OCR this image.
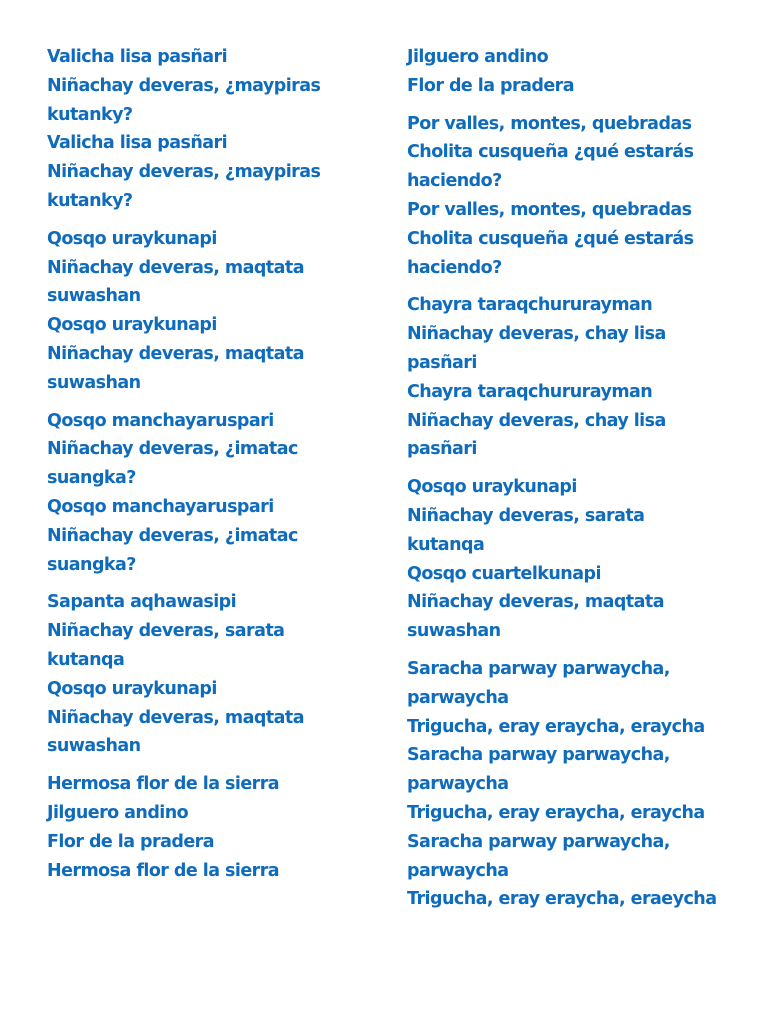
Valicha lisa pasñari
Niñachay deveras, ¿maypiras
kutanky?
Valicha lisa pasñari
Niñachay deveras, ¿maypiras
kutanky?
Qosqo uraykunapi
Niñachay deveras, maqtata
suwashan
Qosqo uraykunapi
Niñachay deveras, maqtata
suwashan
Qosqo manchayaruspari
Niñachay deveras, ¿imatac
suangka?
Qosqo manchayaruspari
Niñachay deveras, ¿imatac
suangka?
Sapanta aqhawasipi
Niñachay deveras, sarata
kutanqa
Qosqo uraykunapi
Niñachay deveras, maqtata
suwashan
Hermosa flor de la sierra
Jilguero andino
Flor de la pradera
Hermosa flor de la sierra
Jilguero andino
Flor de la pradera
Por valles, montes, quebradas
Cholita cusqueña ¿qué estarás
haciendo?
Por valles, montes, quebradas
Cholita cusqueña ¿qué estarás
haciendo?
Chayra taraqchururayman
Niñachay deveras, chay lisa
pasñari
Chayra taraqchururayman
Niñachay deveras, chay lisa
pasñari
Qosqo uraykunapi
Niñachay deveras, sarata
kutanqa
Qosqo cuartelkunapi
Niñachay deveras, maqtata
suwashan
Saracha parway parwaycha,
parwaycha
Trigucha, eray eraycha, eraycha
Saracha parway parwaycha,
parwaycha
Trigucha, eray eraycha, eraycha
Saracha parway parwaycha,
parwaycha
Trigucha, eray eraycha, eraeycha
